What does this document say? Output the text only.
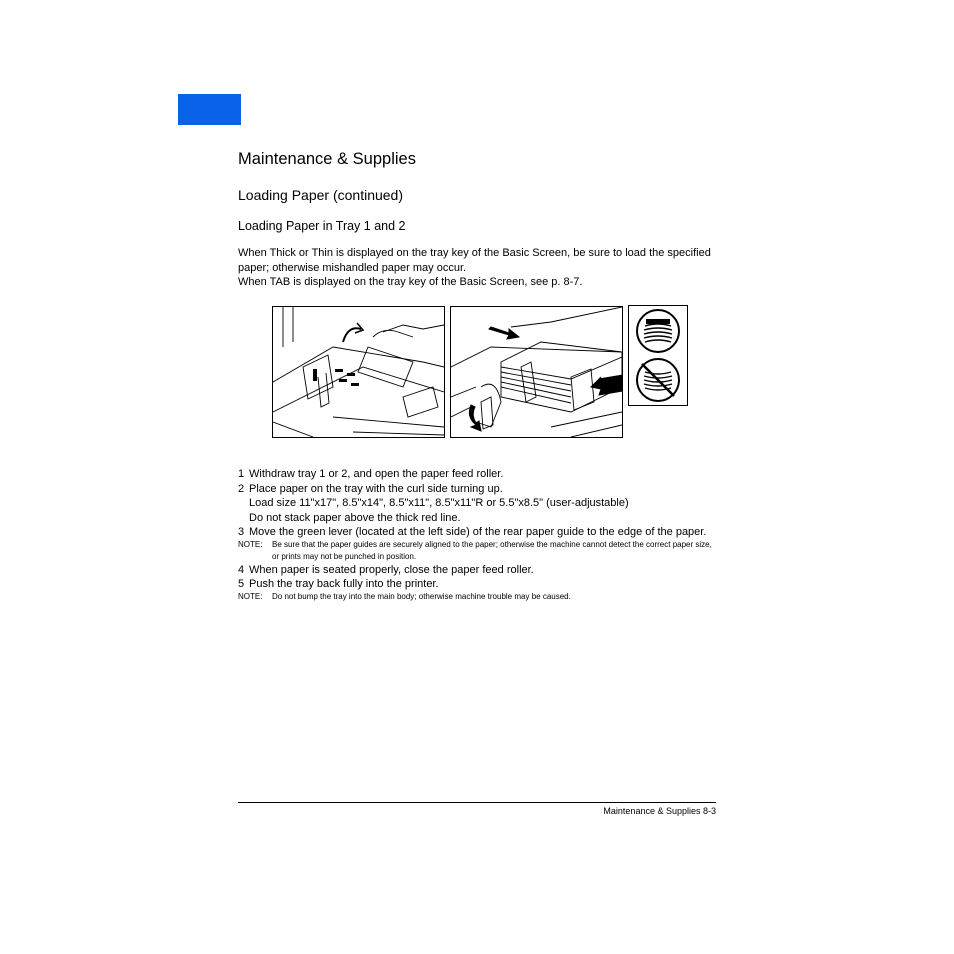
Maintenance & Supplies
Loading Paper (continued)
Loading Paper in Tray 1 and 2

When Thick or Thin is displayed on the tray key of the Basic Screen, be sure to load the specified paper; otherwise mishandled paper may occur.

When TAB is displayed on the tray key of the Basic Screen, see p. 8-7.

1 Withdraw tray 1 or 2, and open the paper feed roller.
2 Place paper on the tray with the curl side turning up.
Load size 11"x17", 8.5"x14", 8.5"x11", 8.5"x11"R or 5.5"x8.5" (user-adjustable)
Do not stack paper above the thick red line.
3 Move the green lever (located at the left side) of the rear paper guide to the edge of the paper.
NOTE: Be sure that the paper guides are securely aligned to the paper; otherwise the machine cannot detect the correct paper size, or prints may not be punched in position.
4 When paper is seated properly, close the paper feed roller.
5 Push the tray back fully into the printer.
NOTE: Do not bump the tray into the main body; otherwise machine trouble may be caused.
Maintenance & Supplies 8-3
